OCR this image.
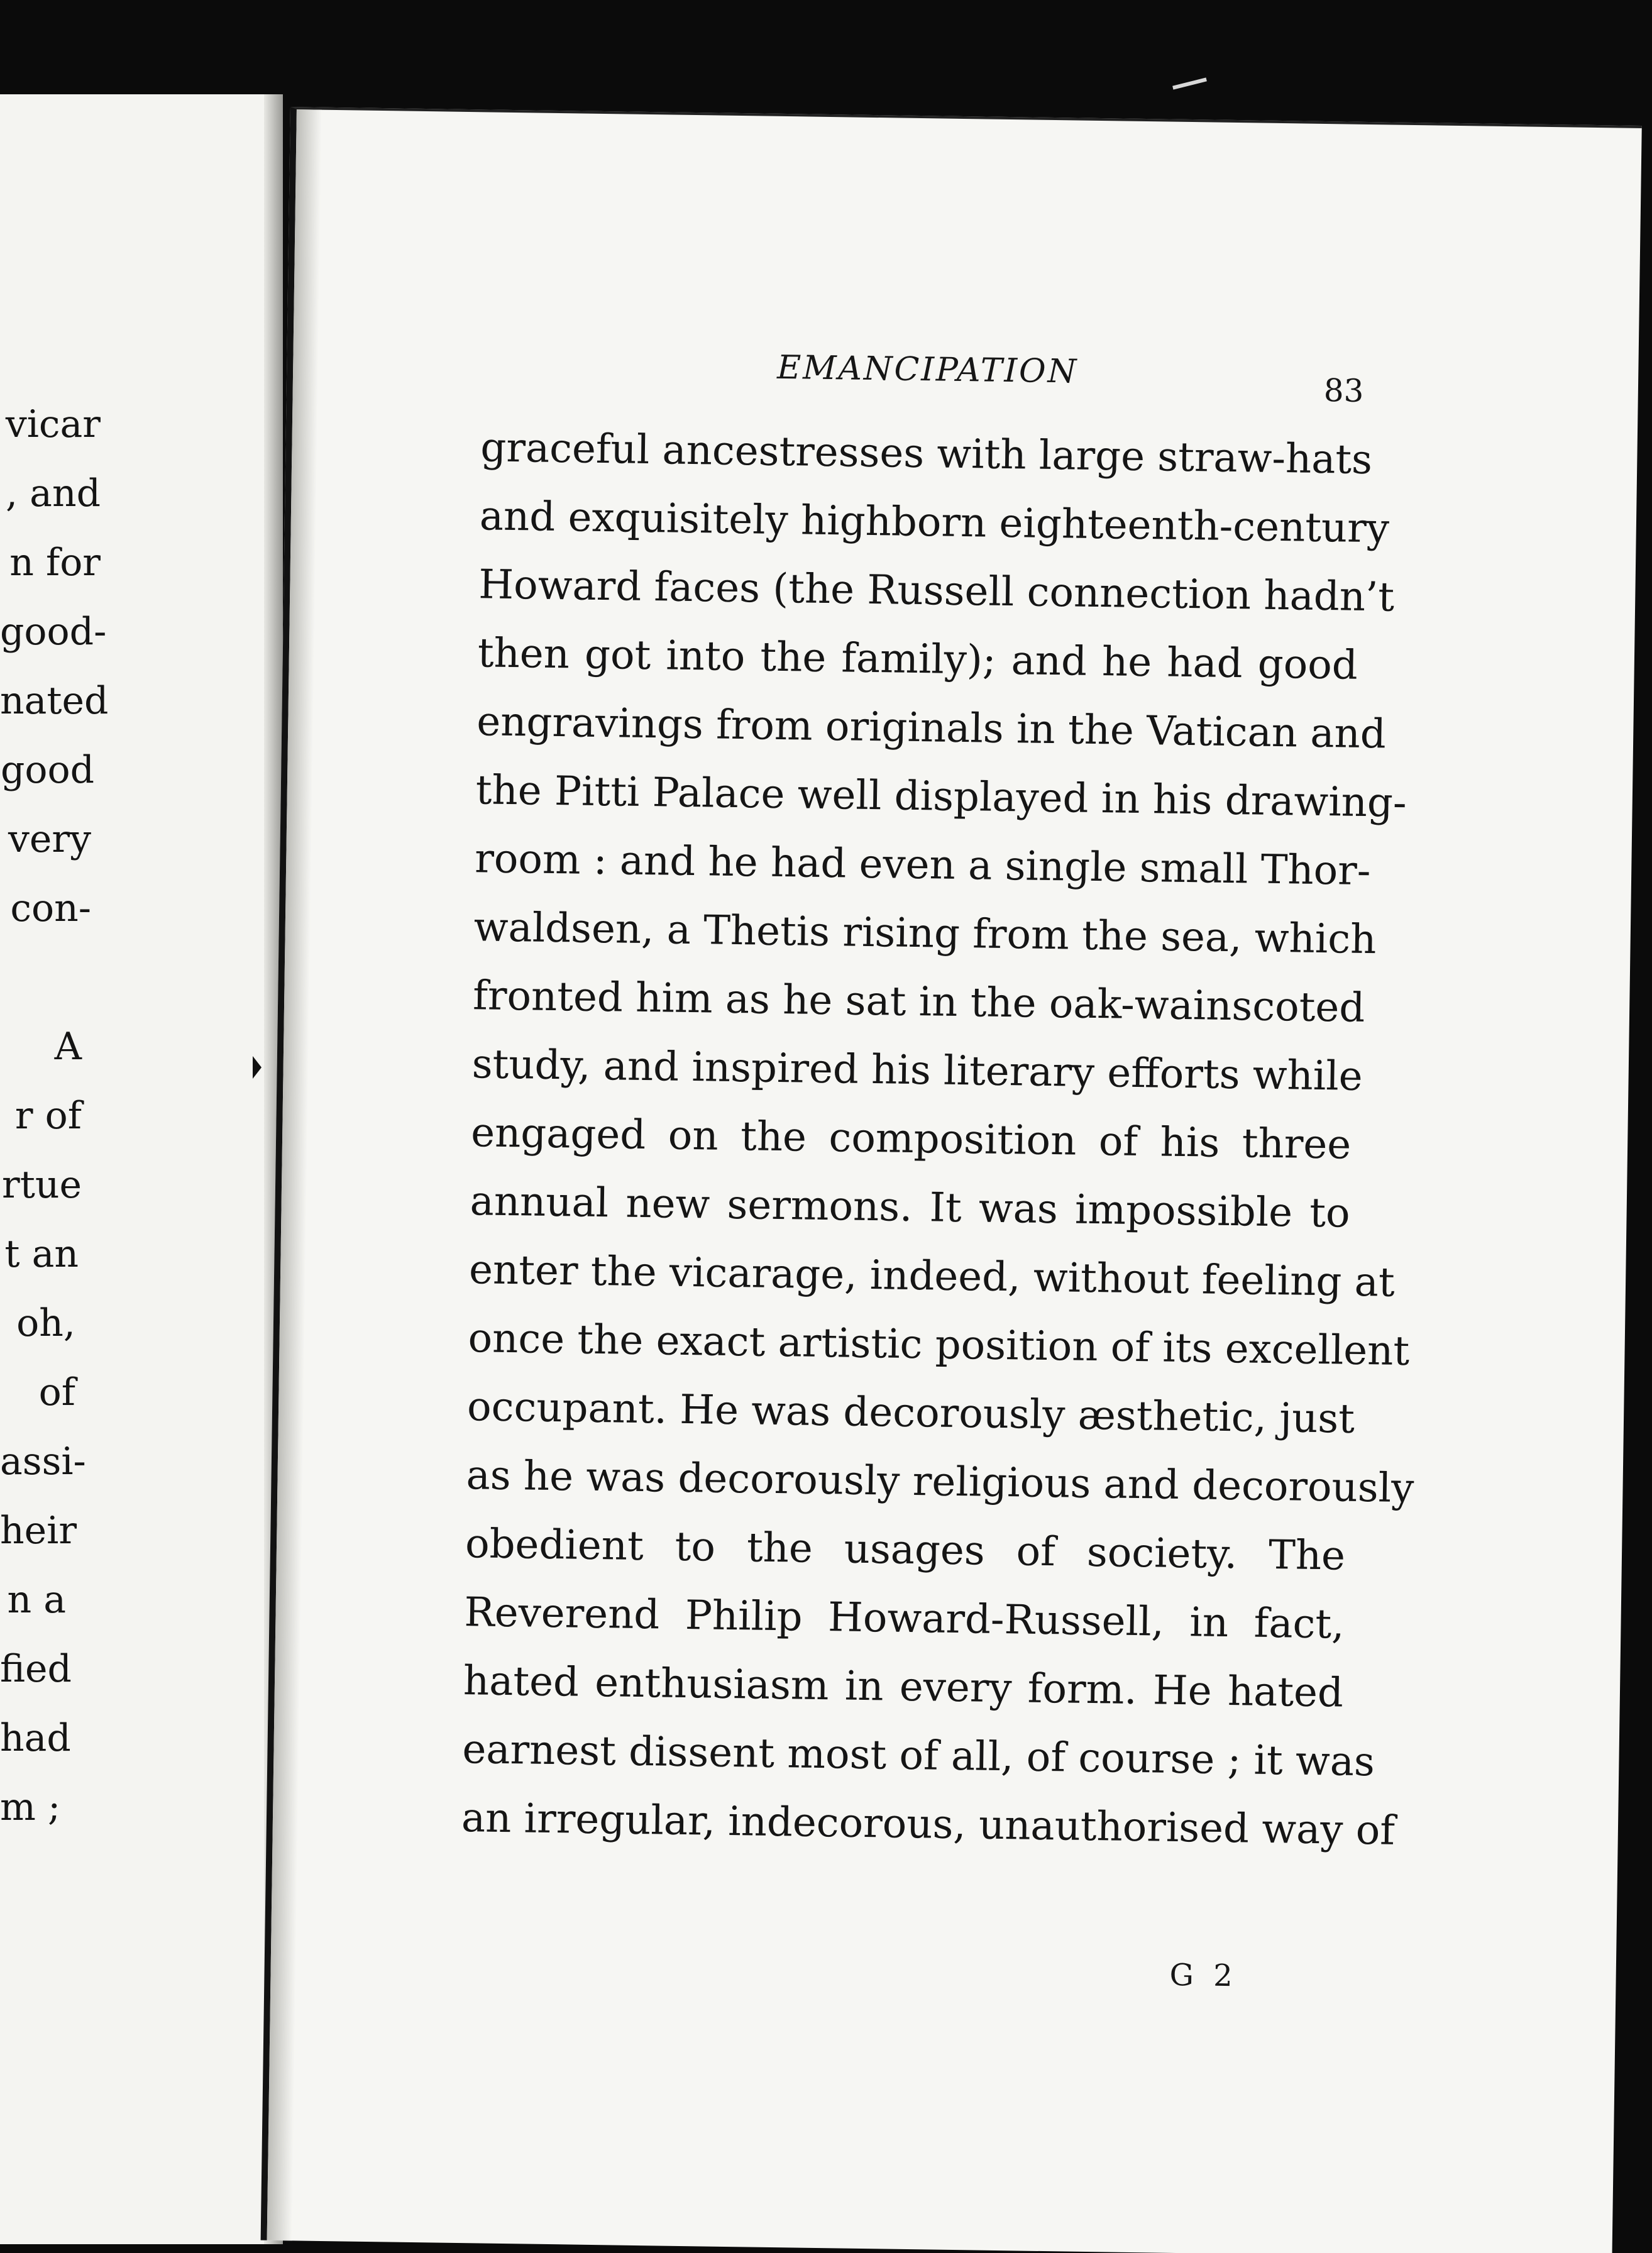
vicar
, and
n for
good-
nated
good
very
con-
A
r of
rtue
t an
oh,
of
assi-
heir
n a
fied
had
m ;
EMANCIPATION	83
graceful ancestresses with large straw-hats
and exquisitely highborn eighteenth-century
Howard faces (the Russell connection hadn’t
then got into the family); and he had good
engravings from originals in the Vatican and
the Pitti Palace well displayed in his drawing-
room : and he had even a single small Thor-
waldsen, a Thetis rising from the sea, which
fronted him as he sat in the oak-wainscoted
study, and inspired his literary efforts while
engaged on the composition of his three
annual new sermons. It was impossible to
enter the vicarage, indeed, without feeling at
once the exact artistic position of its excellent
occupant. He was decorously æsthetic, just
as he was decorously religious and decorously
obedient to the usages of society. The
Reverend Philip Howard-Russell, in fact,
hated enthusiasm in every form. He hated
earnest dissent most of all, of course ; it was
an irregular, indecorous, unauthorised way of
G 2
